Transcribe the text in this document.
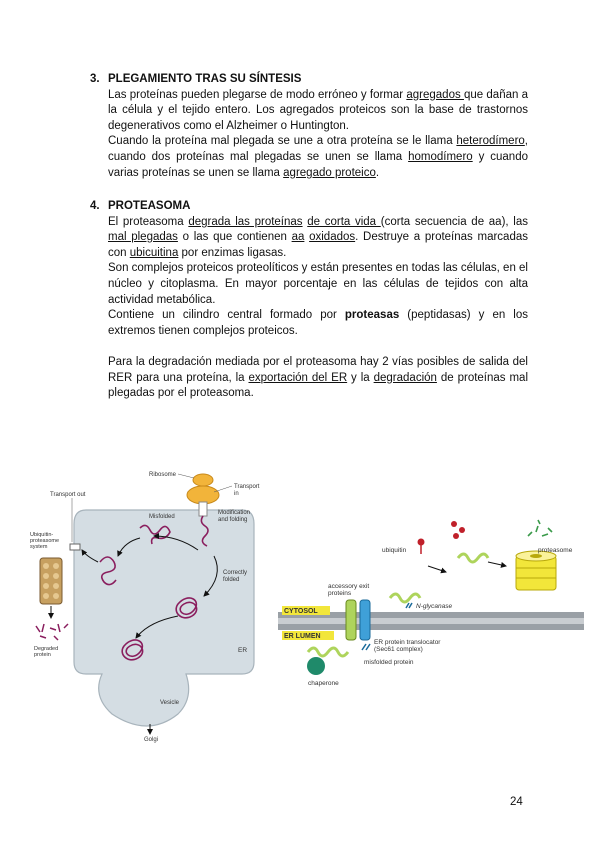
3. PLEGAMIENTO TRAS SU SÍNTESIS

Las proteínas pueden plegarse de modo erróneo y formar agregados que dañan a la célula y el tejido entero. Los agregados proteicos son la base de trastornos degenerativos como el Alzheimer o Huntington.

Cuando la proteína mal plegada se une a otra proteína se le llama heterodímero, cuando dos proteínas mal plegadas se unen se llama homodímero y cuando varias proteínas se unen se llama agregado proteico.

4. PROTEASOMA

El proteasoma degrada las proteínas de corta vida (corta secuencia de aa), las mal plegadas o las que contienen aa oxidados. Destruye a proteínas marcadas con ubicuitina por enzimas ligasas.

Son complejos proteicos proteolíticos y están presentes en todas las células, en el núcleo y citoplasma. En mayor porcentaje en las células de tejidos con alta actividad metabólica.

Contiene un cilindro central formado por proteasas (peptidasas) y en los extremos tienen complejos proteicos.

Para la degradación mediada por el proteasoma hay 2 vías posibles de salida del RER para una proteína, la exportación del ER y la degradación de proteínas mal plegadas por el proteasoma.

Ribosome
Transport in
Transport out
Misfolded
Modification and folding
Correctly folded
ER
Ubiquitin-proteasome system
Degraded protein
Vesicle
Golgi
CYTOSOL
ER LUMEN
ER protein translocator (Sec61 complex)
accessory exit proteins
misfolded protein
chaperone
N-glycanase
ubiquitin	proteasome
24
